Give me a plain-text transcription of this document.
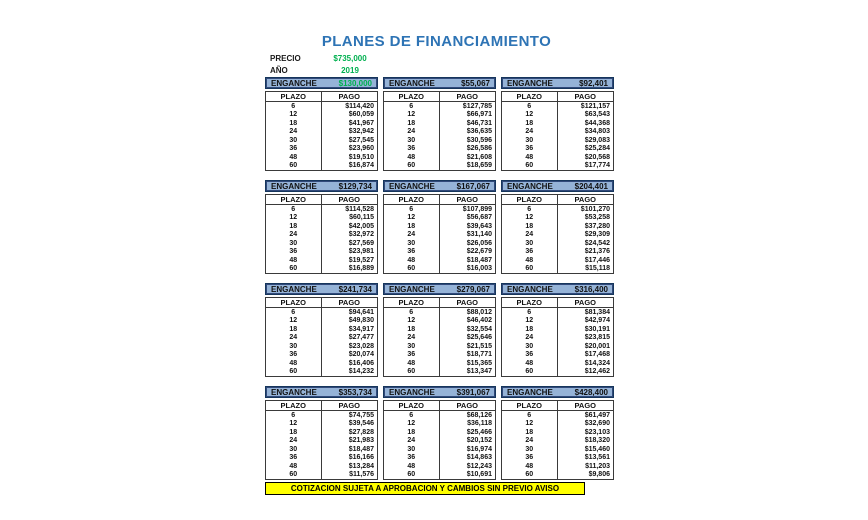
PLANES DE FINANCIAMIENTO
PRECIO	$735,000
AÑO	2019
ENGANCHE	$130,000
PLAZO	PAGO
6	$114,420
12	$60,059
18	$41,967
24	$32,942
30	$27,545
36	$23,960
48	$19,510
60	$16,874
ENGANCHE	$55,067
PLAZO	PAGO
6	$127,785
12	$66,971
18	$46,731
24	$36,635
30	$30,596
36	$26,586
48	$21,608
60	$18,659
ENGANCHE	$92,401
PLAZO	PAGO
6	$121,157
12	$63,543
18	$44,368
24	$34,803
30	$29,083
36	$25,284
48	$20,568
60	$17,774
ENGANCHE	$129,734
PLAZO	PAGO
6	$114,528
12	$60,115
18	$42,005
24	$32,972
30	$27,569
36	$23,981
48	$19,527
60	$16,889
ENGANCHE	$167,067
PLAZO	PAGO
6	$107,899
12	$56,687
18	$39,643
24	$31,140
30	$26,056
36	$22,679
48	$18,487
60	$16,003
ENGANCHE	$204,401
PLAZO	PAGO
6	$101,270
12	$53,258
18	$37,280
24	$29,309
30	$24,542
36	$21,376
48	$17,446
60	$15,118
ENGANCHE	$241,734
PLAZO	PAGO
6	$94,641
12	$49,830
18	$34,917
24	$27,477
30	$23,028
36	$20,074
48	$16,406
60	$14,232
ENGANCHE	$279,067
PLAZO	PAGO
6	$88,012
12	$46,402
18	$32,554
24	$25,646
30	$21,515
36	$18,771
48	$15,365
60	$13,347
ENGANCHE	$316,400
PLAZO	PAGO
6	$81,384
12	$42,974
18	$30,191
24	$23,815
30	$20,001
36	$17,468
48	$14,324
60	$12,462
ENGANCHE	$353,734
PLAZO	PAGO
6	$74,755
12	$39,546
18	$27,828
24	$21,983
30	$18,487
36	$16,166
48	$13,284
60	$11,576
ENGANCHE	$391,067
PLAZO	PAGO
6	$68,126
12	$36,118
18	$25,466
24	$20,152
30	$16,974
36	$14,863
48	$12,243
60	$10,691
ENGANCHE	$428,400
PLAZO	PAGO
6	$61,497
12	$32,690
18	$23,103
24	$18,320
30	$15,460
36	$13,561
48	$11,203
60	$9,806
COTIZACION SUJETA A APROBACION Y CAMBIOS SIN PREVIO AVISO
